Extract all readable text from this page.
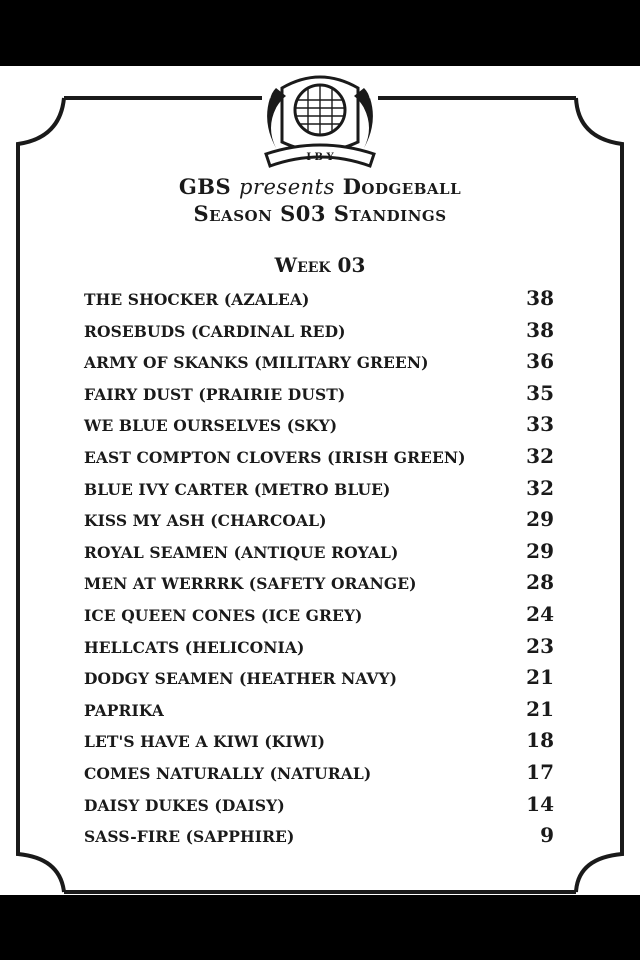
I B Y
GBS presents Dodgeball
Season S03 Standings
Week 03
THE SHOCKER (AZALEA)	38
ROSEBUDS (CARDINAL RED)	38
ARMY OF SKANKS (MILITARY GREEN)	36
FAIRY DUST (PRAIRIE DUST)	35
WE BLUE OURSELVES (SKY)	33
EAST COMPTON CLOVERS (IRISH GREEN)	32
BLUE IVY CARTER (METRO BLUE)	32
KISS MY ASH (CHARCOAL)	29
ROYAL SEAMEN (ANTIQUE ROYAL)	29
MEN AT WERRRK (SAFETY ORANGE)	28
ICE QUEEN CONES (ICE GREY)	24
HELLCATS (HELICONIA)	23
DODGY SEAMEN (HEATHER NAVY)	21
PAPRIKA	21
LET'S HAVE A KIWI (KIWI)	18
COMES NATURALLY (NATURAL)	17
DAISY DUKES (DAISY)	14
SASS-FIRE (SAPPHIRE)	9
